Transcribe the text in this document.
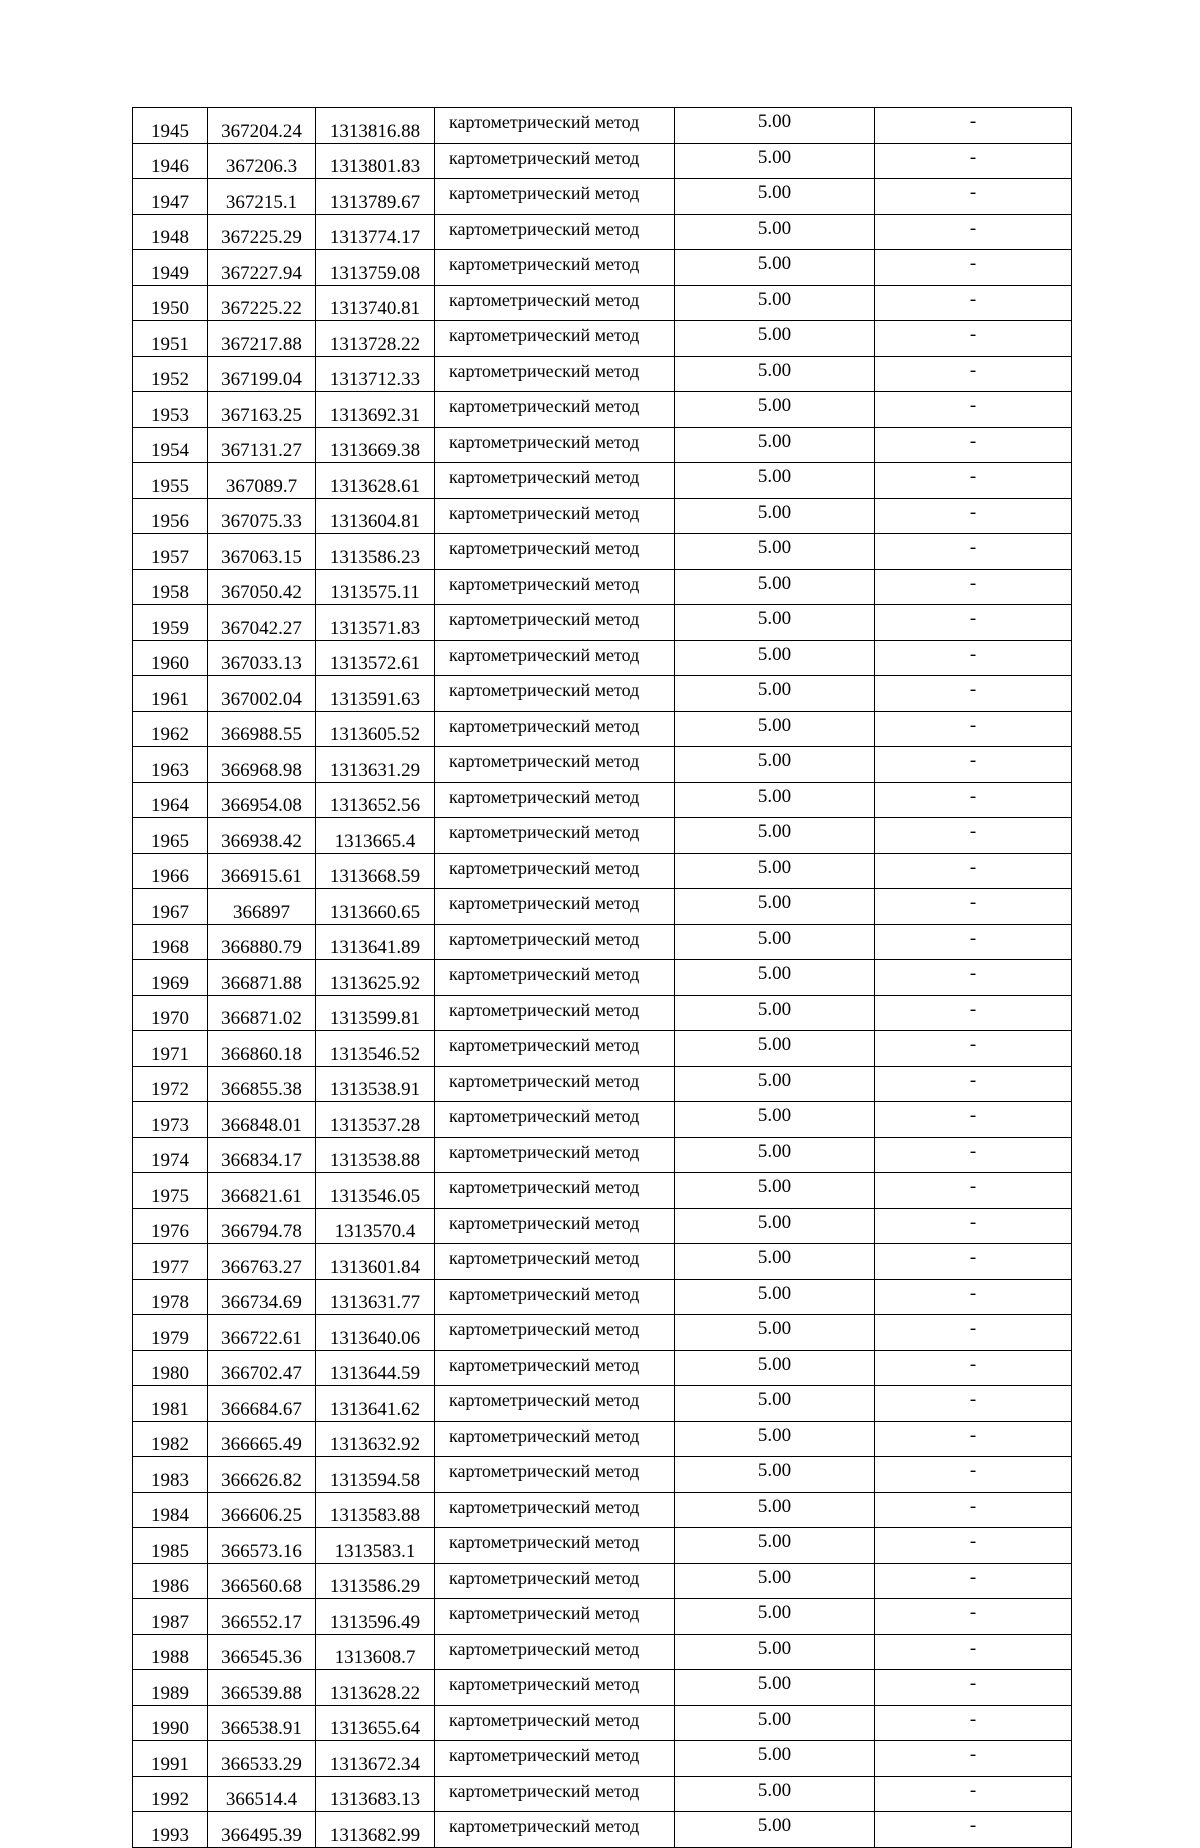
1945	367204.24	1313816.88	картометрический метод	5.00	-
1946	367206.3	1313801.83	картометрический метод	5.00	-
1947	367215.1	1313789.67	картометрический метод	5.00	-
1948	367225.29	1313774.17	картометрический метод	5.00	-
1949	367227.94	1313759.08	картометрический метод	5.00	-
1950	367225.22	1313740.81	картометрический метод	5.00	-
1951	367217.88	1313728.22	картометрический метод	5.00	-
1952	367199.04	1313712.33	картометрический метод	5.00	-
1953	367163.25	1313692.31	картометрический метод	5.00	-
1954	367131.27	1313669.38	картометрический метод	5.00	-
1955	367089.7	1313628.61	картометрический метод	5.00	-
1956	367075.33	1313604.81	картометрический метод	5.00	-
1957	367063.15	1313586.23	картометрический метод	5.00	-
1958	367050.42	1313575.11	картометрический метод	5.00	-
1959	367042.27	1313571.83	картометрический метод	5.00	-
1960	367033.13	1313572.61	картометрический метод	5.00	-
1961	367002.04	1313591.63	картометрический метод	5.00	-
1962	366988.55	1313605.52	картометрический метод	5.00	-
1963	366968.98	1313631.29	картометрический метод	5.00	-
1964	366954.08	1313652.56	картометрический метод	5.00	-
1965	366938.42	1313665.4	картометрический метод	5.00	-
1966	366915.61	1313668.59	картометрический метод	5.00	-
1967	366897	1313660.65	картометрический метод	5.00	-
1968	366880.79	1313641.89	картометрический метод	5.00	-
1969	366871.88	1313625.92	картометрический метод	5.00	-
1970	366871.02	1313599.81	картометрический метод	5.00	-
1971	366860.18	1313546.52	картометрический метод	5.00	-
1972	366855.38	1313538.91	картометрический метод	5.00	-
1973	366848.01	1313537.28	картометрический метод	5.00	-
1974	366834.17	1313538.88	картометрический метод	5.00	-
1975	366821.61	1313546.05	картометрический метод	5.00	-
1976	366794.78	1313570.4	картометрический метод	5.00	-
1977	366763.27	1313601.84	картометрический метод	5.00	-
1978	366734.69	1313631.77	картометрический метод	5.00	-
1979	366722.61	1313640.06	картометрический метод	5.00	-
1980	366702.47	1313644.59	картометрический метод	5.00	-
1981	366684.67	1313641.62	картометрический метод	5.00	-
1982	366665.49	1313632.92	картометрический метод	5.00	-
1983	366626.82	1313594.58	картометрический метод	5.00	-
1984	366606.25	1313583.88	картометрический метод	5.00	-
1985	366573.16	1313583.1	картометрический метод	5.00	-
1986	366560.68	1313586.29	картометрический метод	5.00	-
1987	366552.17	1313596.49	картометрический метод	5.00	-
1988	366545.36	1313608.7	картометрический метод	5.00	-
1989	366539.88	1313628.22	картометрический метод	5.00	-
1990	366538.91	1313655.64	картометрический метод	5.00	-
1991	366533.29	1313672.34	картометрический метод	5.00	-
1992	366514.4	1313683.13	картометрический метод	5.00	-
1993	366495.39	1313682.99	картометрический метод	5.00	-
